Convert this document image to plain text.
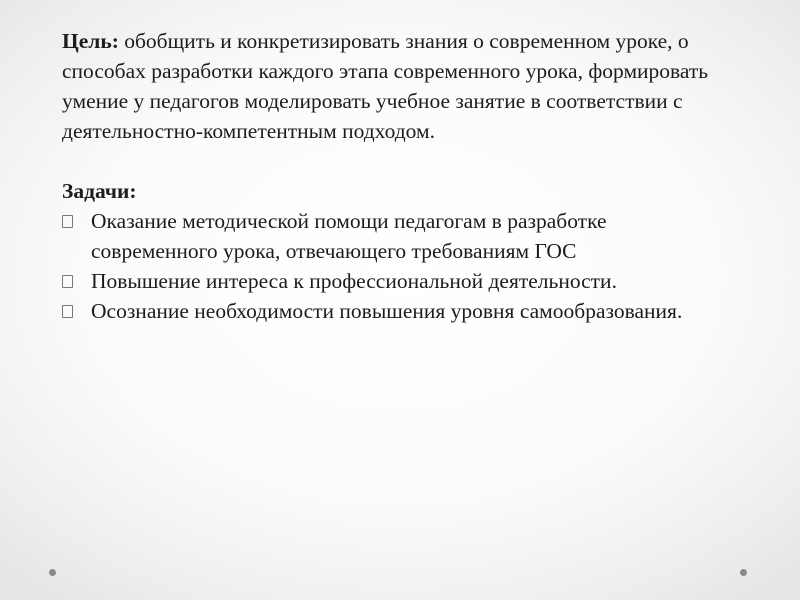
Цель: обобщить и конкретизировать знания о современном уроке, о способах разработки каждого этапа современного урока, формировать умение у педагогов моделировать учебное занятие в соответствии с деятельностно-компетентным подходом.

Задачи:
Оказание методической помощи педагогам в разработке современного урока, отвечающего требованиям ГОС
Повышение интереса к профессиональной деятельности.
Осознание необходимости повышения уровня самообразования.
